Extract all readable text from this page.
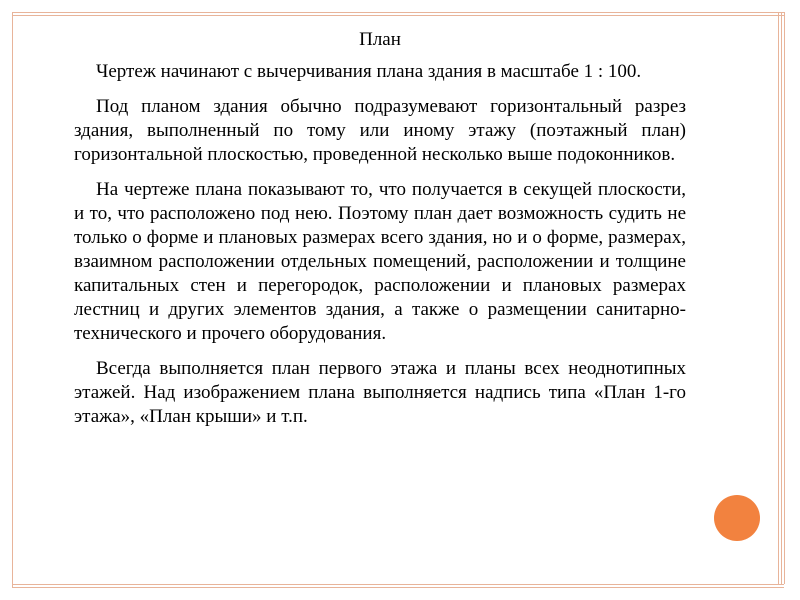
План

Чертеж начинают с вычерчивания плана здания в масштабе 1 : 100.

Под планом здания обычно подразумевают горизонтальный разрез здания, выполненный по тому или иному этажу (поэтажный план) горизонтальной плоскостью, проведенной несколько выше подоконников.

На чертеже плана показывают то, что получается в секущей плоскости, и то, что расположено под нею. Поэтому план дает возможность судить не только о форме и плановых размерах всего здания, но и о форме, размерах, взаимном расположении отдельных помещений, расположении и толщине капитальных стен и перегородок, расположении и плановых размерах лестниц и других элементов здания, а также о размещении санитарно-технического и прочего оборудования.

Всегда выполняется план первого этажа и планы всех неоднотипных этажей. Над изображением плана выполняется надпись типа «План 1-го этажа», «План крыши» и т.п.
